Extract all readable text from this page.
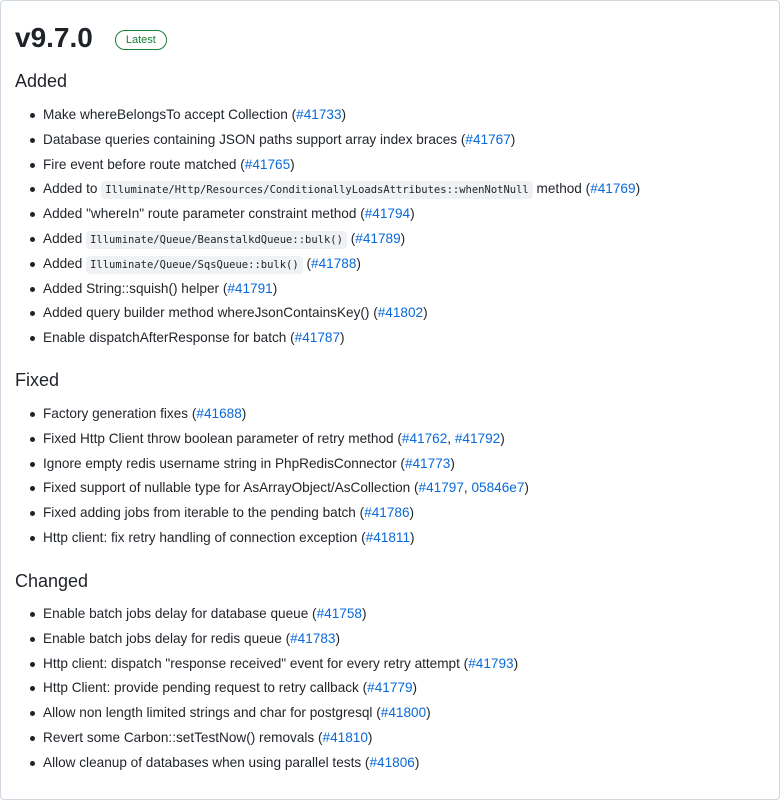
v9.7.0	Latest
Added
Make whereBelongsTo accept Collection (#41733)
Database queries containing JSON paths support array index braces (#41767)
Fire event before route matched (#41765)
Added to Illuminate/Http/Resources/ConditionallyLoadsAttributes::whenNotNull method (#41769)
Added "whereIn" route parameter constraint method (#41794)
Added Illuminate/Queue/BeanstalkdQueue::bulk() (#41789)
Added Illuminate/Queue/SqsQueue::bulk() (#41788)
Added String::squish() helper (#41791)
Added query builder method whereJsonContainsKey() (#41802)
Enable dispatchAfterResponse for batch (#41787)
Fixed
Factory generation fixes (#41688)
Fixed Http Client throw boolean parameter of retry method (#41762, #41792)
Ignore empty redis username string in PhpRedisConnector (#41773)
Fixed support of nullable type for AsArrayObject/AsCollection (#41797, 05846e7)
Fixed adding jobs from iterable to the pending batch (#41786)
Http client: fix retry handling of connection exception (#41811)
Changed
Enable batch jobs delay for database queue (#41758)
Enable batch jobs delay for redis queue (#41783)
Http client: dispatch "response received" event for every retry attempt (#41793)
Http Client: provide pending request to retry callback (#41779)
Allow non length limited strings and char for postgresql (#41800)
Revert some Carbon::setTestNow() removals (#41810)
Allow cleanup of databases when using parallel tests (#41806)
